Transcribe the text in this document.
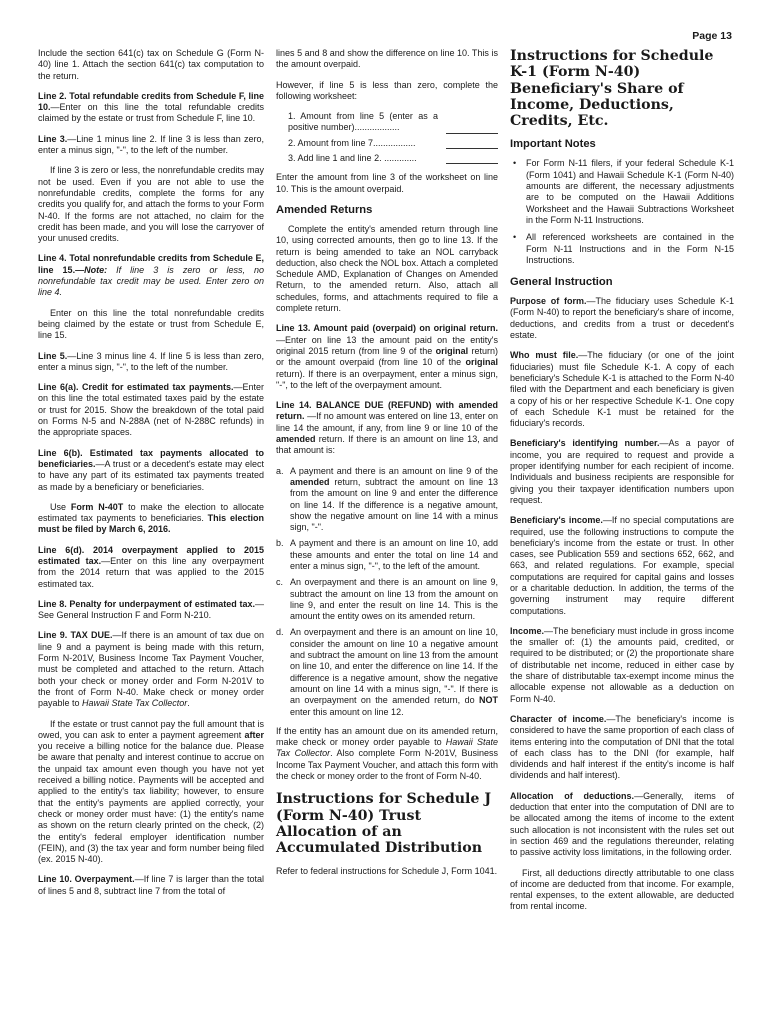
Page 13

Include the section 641(c) tax on Schedule G (Form N-40) line 1. Attach the section 641(c) tax computation to the return.

Line 2. Total refundable credits from Schedule F, line 10.—Enter on this line the total refundable credits claimed by the estate or trust from Schedule F, line 10.

Line 3.—Line 1 minus line 2. If line 3 is less than zero, enter a minus sign, "-", to the left of the number.

If line 3 is zero or less, the nonrefundable credits may not be used. Even if you are not able to use the nonrefundable credits, complete the forms for any credits you qualify for, and attach the forms to your Form N-40. If the forms are not attached, no claim for the credit has been made, and you will lose the carryover of your unused credits.

Line 4. Total nonrefundable credits from Schedule E, line 15.—Note: If line 3 is zero or less, no nonrefundable tax credit may be used. Enter zero on line 4.

Enter on this line the total nonrefundable credits being claimed by the estate or trust from Schedule E, line 15.

Line 5.—Line 3 minus line 4. If line 5 is less than zero, enter a minus sign, "-", to the left of the number.

Line 6(a). Credit for estimated tax payments.—Enter on this line the total estimated taxes paid by the estate or trust for 2015. Show the breakdown of the total paid on Forms N-5 and N-288A (net of N-288C refunds) in the appropriate spaces.

Line 6(b). Estimated tax payments allocated to beneficiaries.—A trust or a decedent's estate may elect to have any part of its estimated tax payments treated as made by a beneficiary or beneficiaries.

Use Form N-40T to make the election to allocate estimated tax payments to beneficiaries. This election must be filed by March 6, 2016.

Line 6(d). 2014 overpayment applied to 2015 estimated tax.—Enter on this line any overpayment from the 2014 return that was applied to the 2015 estimated tax.

Line 8. Penalty for underpayment of estimated tax.—See General Instruction F and Form N-210.

Line 9. TAX DUE.—If there is an amount of tax due on line 9 and a payment is being made with this return, Form N-201V, Business Income Tax Payment Voucher, must be completed and attached to the return. Attach both your check or money order and Form N-201V to the front of Form N-40. Make check or money order payable to Hawaii State Tax Collector.

If the estate or trust cannot pay the full amount that is owed, you can ask to enter a payment agreement after you receive a billing notice for the balance due. Please be aware that penalty and interest continue to accrue on the unpaid tax amount even though you have not yet received a billing notice. Payments will be accepted and applied to the entity's tax liability; however, to ensure that the entity's payments are applied correctly, your check or money order must have: (1) the entity's name as shown on the return clearly printed on the check, (2) the entity's federal employer identification number (FEIN), and (3) the tax year and form number being filed (ex. 2015 N-40).

Line 10. Overpayment.—If line 7 is larger than the total of lines 5 and 8, subtract line 7 from the total of

lines 5 and 8 and show the difference on line 10. This is the amount overpaid.

However, if line 5 is less than zero, complete the following worksheet:

1. Amount from line 5 (enter as a positive number)..................
2. Amount from line 7.................
3. Add line 1 and line 2. .............

Enter the amount from line 3 of the worksheet on line 10. This is the amount overpaid.

Amended Returns

Complete the entity's amended return through line 10, using corrected amounts, then go to line 13. If the return is being amended to take an NOL carryback deduction, also check the NOL box. Attach a completed Schedule AMD, Explanation of Changes on Amended Return, to the amended return. Also, attach all schedules, forms, and attachments required to file a complete return.

Line 13. Amount paid (overpaid) on original return. —Enter on line 13 the amount paid on the entity's original 2015 return (from line 9 of the original return) or the amount overpaid (from line 10 of the original return). If there is an overpayment, enter a minus sign, "-", to the left of the overpayment amount.

Line 14. BALANCE DUE (REFUND) with amended return. —If no amount was entered on line 13, enter on line 14 the amount, if any, from line 9 or line 10 of the amended return. If there is an amount on line 13, and that amount is:

a. A payment and there is an amount on line 9 of the amended return, subtract the amount on line 13 from the amount on line 9 and enter the difference on line 14. If the difference is a negative amount, show the negative amount on line 14 with a minus sign, "-".
b. A payment and there is an amount on line 10, add these amounts and enter the total on line 14 and enter a minus sign, "-", to the left of the amount.
c. An overpayment and there is an amount on line 9, subtract the amount on line 13 from the amount on line 9, and enter the result on line 14. This is the amount the entity owes on its amended return.
d. An overpayment and there is an amount on line 10, consider the amount on line 10 a negative amount and subtract the amount on line 13 from the amount on line 10, and enter the difference on line 14. If the difference is a negative amount, show the negative amount on line 14 with a minus sign, "-". If there is an overpayment on the amended return, do NOT enter this amount on line 12.

If the entity has an amount due on its amended return, make check or money order payable to Hawaii State Tax Collector. Also complete Form N-201V, Business Income Tax Payment Voucher, and attach this form with the check or money order to the front of Form N-40.

Instructions for Schedule J (Form N-40) Trust Allocation of an Accumulated Distribution

Refer to federal instructions for Schedule J, Form 1041.

Instructions for Schedule K-1 (Form N-40) Beneficiary's Share of Income, Deductions, Credits, Etc.
Important Notes
• For Form N-11 filers, if your federal Schedule K-1 (Form 1041) and Hawaii Schedule K-1 (Form N-40) amounts are different, the necessary adjustments are to be computed on the Hawaii Additions Worksheet and the Hawaii Subtractions Worksheet in the Form N-11 Instructions.
• All referenced worksheets are contained in the Form N-11 Instructions and in the Form N-15 Instructions.
General Instruction

Purpose of form.—The fiduciary uses Schedule K-1 (Form N-40) to report the beneficiary's share of income, deductions, and credits from a trust or decedent's estate.

Who must file.—The fiduciary (or one of the joint fiduciaries) must file Schedule K-1. A copy of each beneficiary's Schedule K-1 is attached to the Form N-40 filed with the Department and each beneficiary is given a copy of his or her respective Schedule K-1. One copy of each Schedule K-1 must be retained for the fiduciary's records.

Beneficiary's identifying number.—As a payor of income, you are required to request and provide a proper identifying number for each recipient of income. Individuals and business recipients are responsible for giving you their taxpayer identification numbers upon request.

Beneficiary's income.—If no special computations are required, use the following instructions to compute the beneficiary's income from the estate or trust. In other cases, see Publication 559 and sections 652, 662, and 663, and related regulations. For example, special computations are required for capital gains and losses or a charitable deduction. In addition, the terms of the governing instrument may require different computations.

Income.—The beneficiary must include in gross income the smaller of: (1) the amounts paid, credited, or required to be distributed; or (2) the proportionate share of distributable net income, reduced in either case by the share of distributable tax-exempt income minus the allocable expense not allowable as a deduction on Form N-40.

Character of income.—The beneficiary's income is considered to have the same proportion of each class of items entering into the computation of DNI that the total of each class has to the DNI (for example, half dividends and half interest if the entity's income is half dividends and half interest).

Allocation of deductions.—Generally, items of deduction that enter into the computation of DNI are to be allocated among the items of income to the extent such allocation is not inconsistent with the rules set out in section 469 and the regulations thereunder, relating to passive activity loss limitations, in the following order.

First, all deductions directly attributable to one class of income are deducted from that income. For example, rental expenses, to the extent allowable, are deducted from rental income.
